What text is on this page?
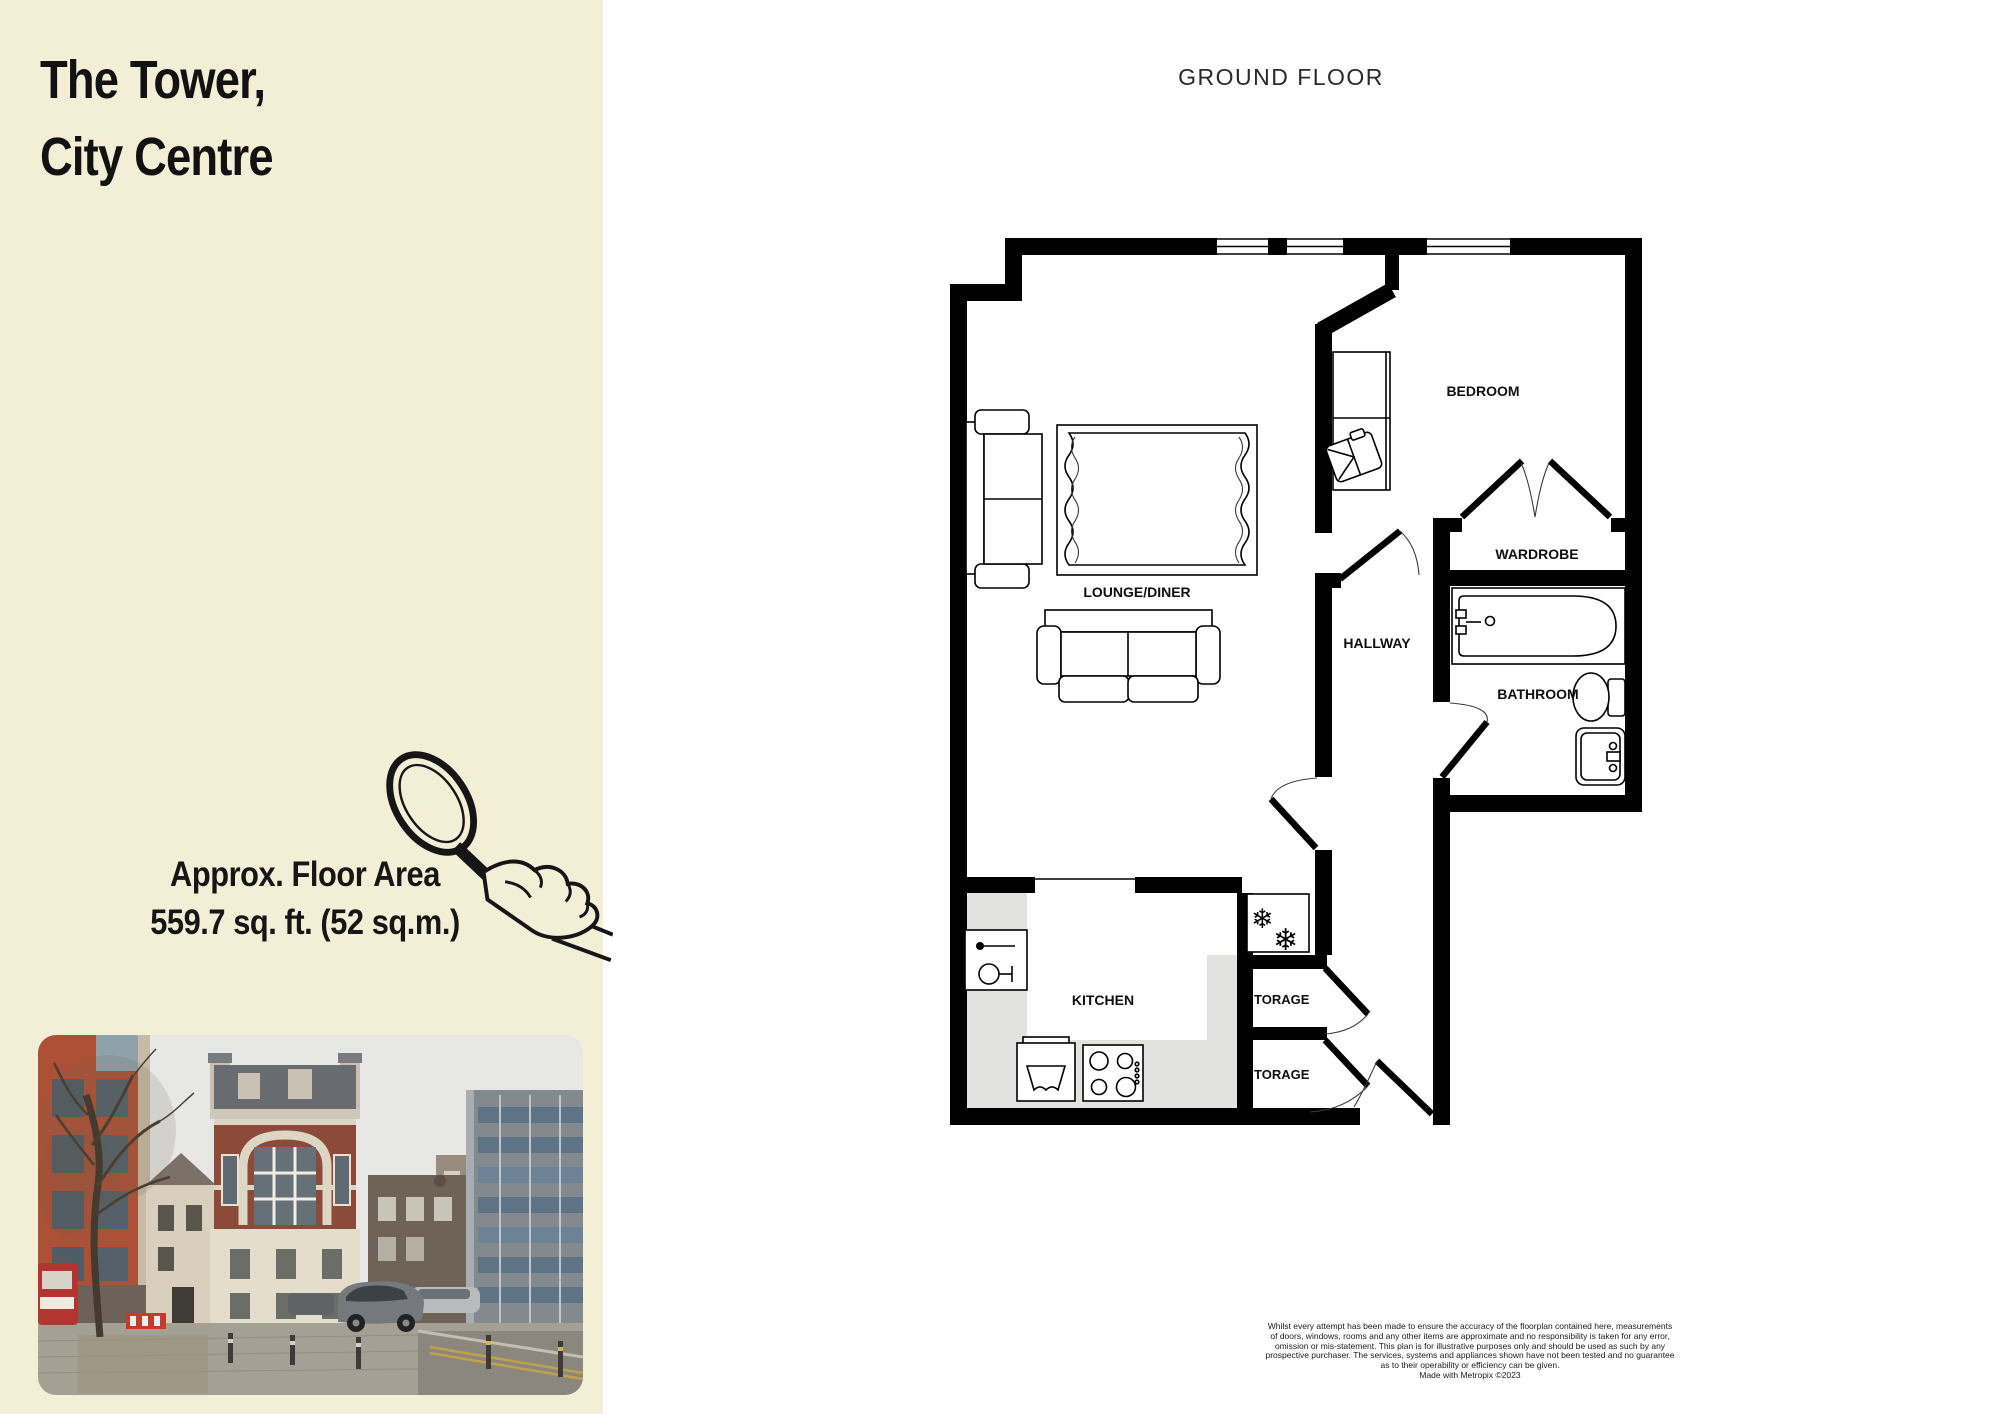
The Tower,
City Centre
Approx. Floor Area
559.7 sq. ft. (52 sq.m.)
GROUND FLOOR
❄
❄
LOUNGE/DINER
BEDROOM
WARDROBE
HALLWAY
BATHROOM
KITCHEN	TORAGE
TORAGE
Whilst every attempt has been made to ensure the accuracy of the floorplan contained here, measurements
of doors, windows, rooms and any other items are approximate and no responsibility is taken for any error,
omission or mis-statement. This plan is for illustrative purposes only and should be used as such by any
prospective purchaser. The services, systems and appliances shown have not been tested and no guarantee
as to their operability or efficiency can be given.
Made with Metropix ©2023
